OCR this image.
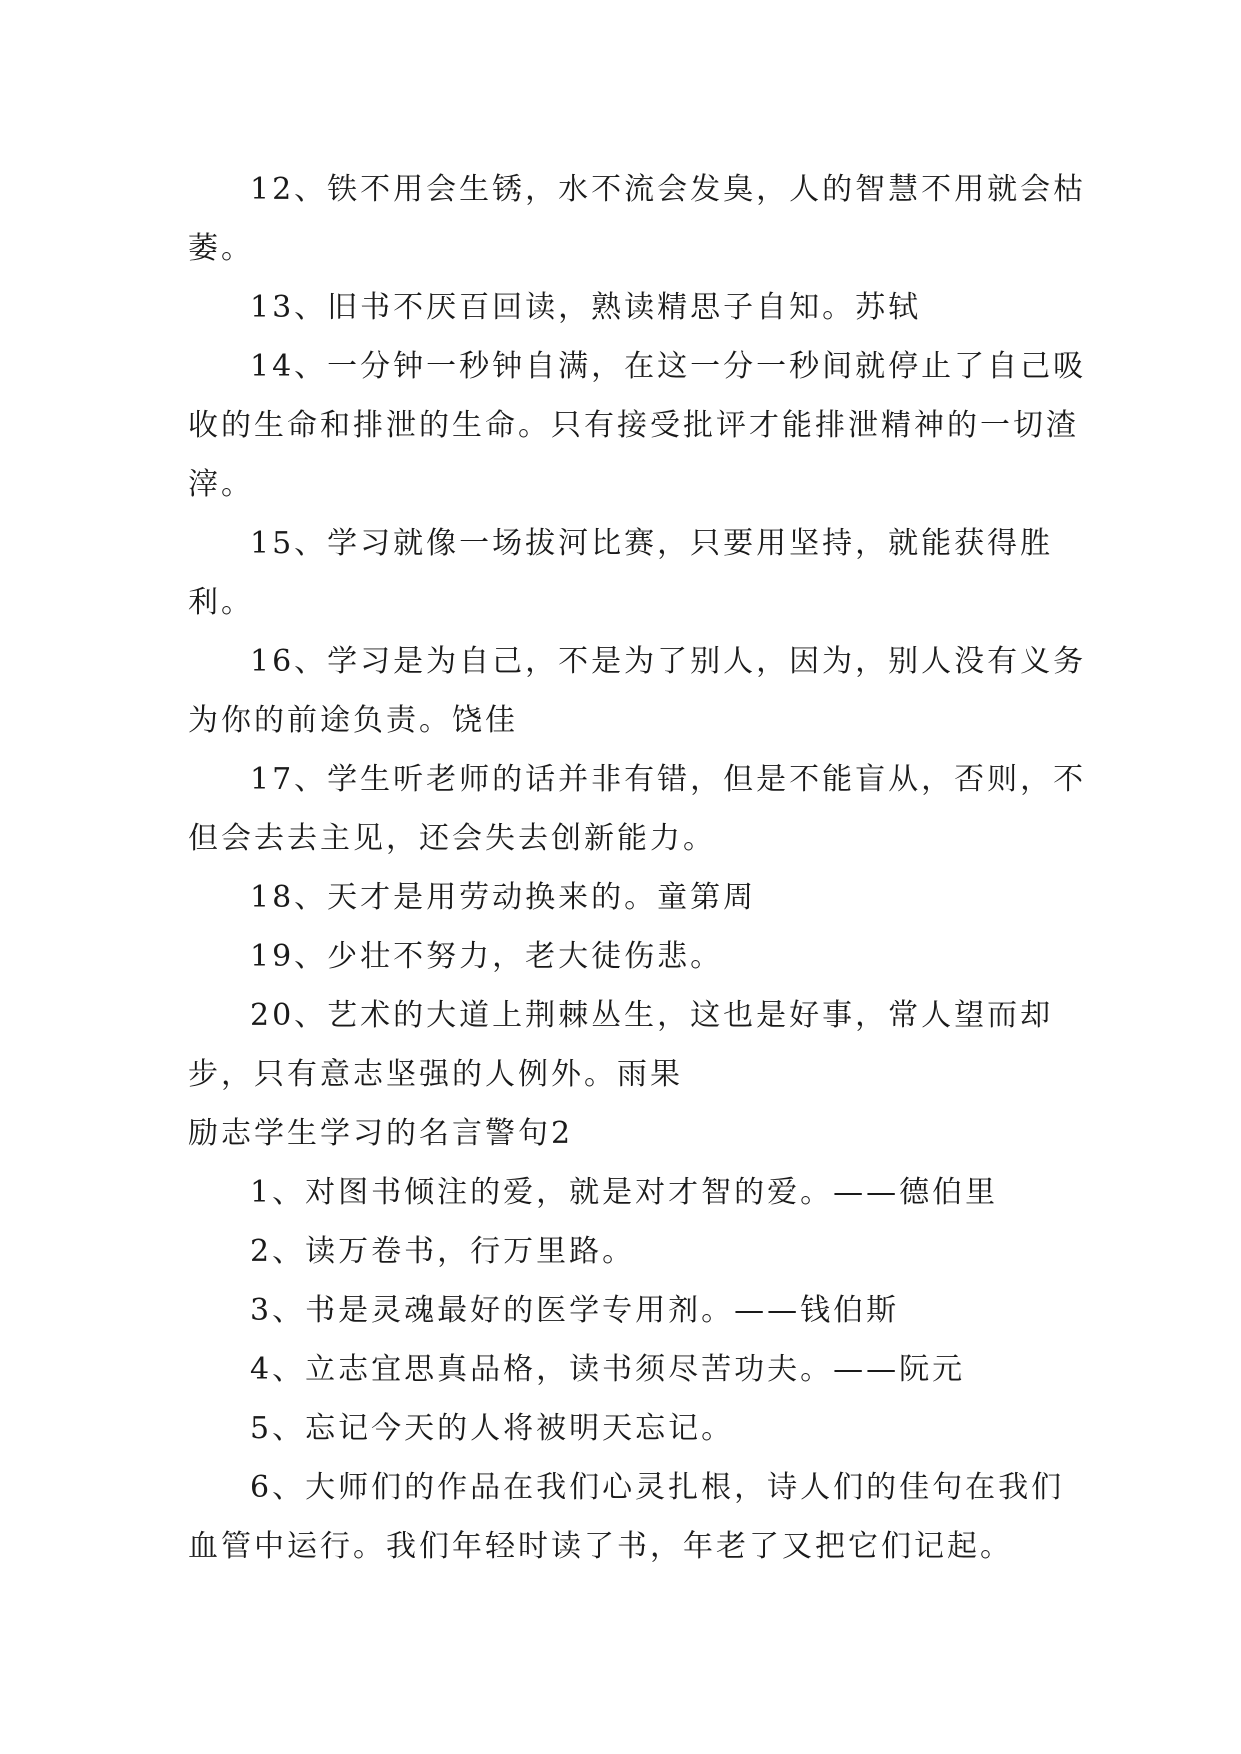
12、铁不用会生锈，水不流会发臭，人的智慧不用就会枯萎。

13、旧书不厌百回读，熟读精思子自知。苏轼

14、一分钟一秒钟自满，在这一分一秒间就停止了自己吸收的生命和排泄的生命。只有接受批评才能排泄精神的一切渣滓。

15、学习就像一场拔河比赛，只要用坚持，就能获得胜利。

16、学习是为自己，不是为了别人，因为，别人没有义务为你的前途负责。饶佳

17、学生听老师的话并非有错，但是不能盲从，否则，不但会去去主见，还会失去创新能力。

18、天才是用劳动换来的。童第周

19、少壮不努力，老大徒伤悲。

20、艺术的大道上荆棘丛生，这也是好事，常人望而却步，只有意志坚强的人例外。雨果

励志学生学习的名言警句2

1、对图书倾注的爱，就是对才智的爱。——德伯里

2、读万卷书，行万里路。

3、书是灵魂最好的医学专用剂。——钱伯斯

4、立志宜思真品格，读书须尽苦功夫。——阮元

5、忘记今天的人将被明天忘记。

6、大师们的作品在我们心灵扎根，诗人们的佳句在我们血管中运行。我们年轻时读了书，年老了又把它们记起。
